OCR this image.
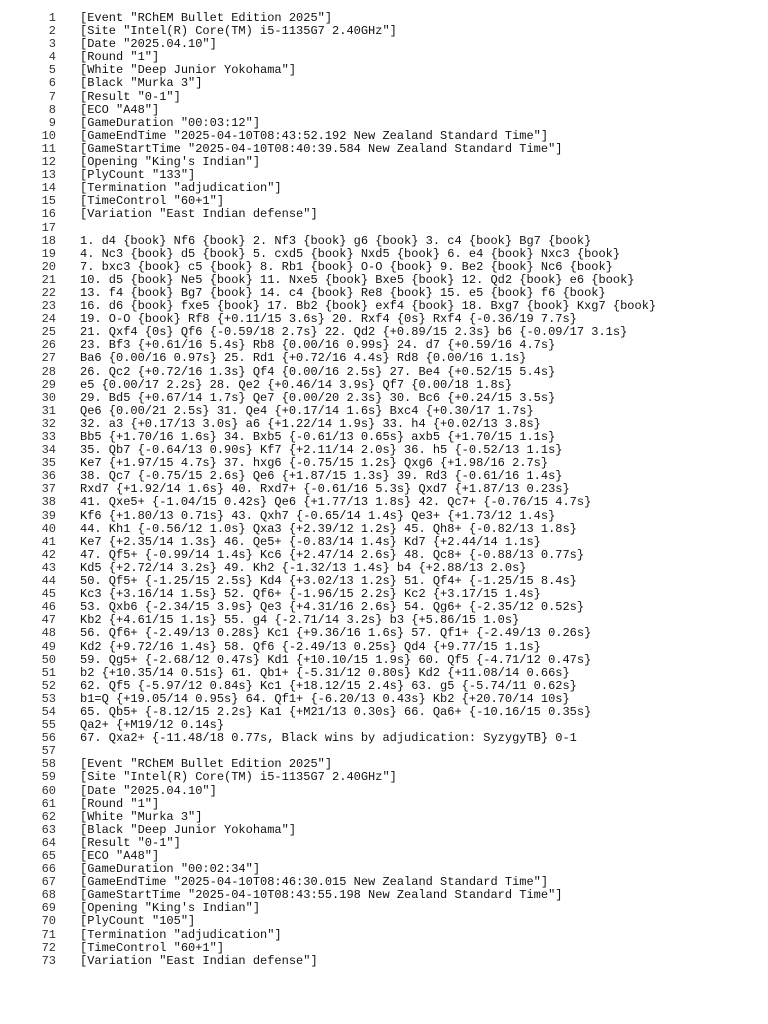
1 [Event "RChEM Bullet Edition 2025"]
2 [Site "Intel(R) Core(TM) i5-1135G7 2.40GHz"]
3 [Date "2025.04.10"]
4 [Round "1"]
5 [White "Deep Junior Yokohama"]
6 [Black "Murka 3"]
7 [Result "0-1"]
8 [ECO "A48"]
9 [GameDuration "00:03:12"]
10 [GameEndTime "2025-04-10T08:43:52.192 New Zealand Standard Time"]
11 [GameStartTime "2025-04-10T08:40:39.584 New Zealand Standard Time"]
12 [Opening "King's Indian"]
13 [PlyCount "133"]
14 [Termination "adjudication"]
15 [TimeControl "60+1"]
16 [Variation "East Indian defense"]
17
18 1. d4 {book} Nf6 {book} 2. Nf3 {book} g6 {book} 3. c4 {book} Bg7 {book}
19 4. Nc3 {book} d5 {book} 5. cxd5 {book} Nxd5 {book} 6. e4 {book} Nxc3 {book}
20 7. bxc3 {book} c5 {book} 8. Rb1 {book} O-O {book} 9. Be2 {book} Nc6 {book}
21 10. d5 {book} Ne5 {book} 11. Nxe5 {book} Bxe5 {book} 12. Qd2 {book} e6 {book}
22 13. f4 {book} Bg7 {book} 14. c4 {book} Re8 {book} 15. e5 {book} f6 {book}
23 16. d6 {book} fxe5 {book} 17. Bb2 {book} exf4 {book} 18. Bxg7 {book} Kxg7 {book}
24 19. O-O {book} Rf8 {+0.11/15 3.6s} 20. Rxf4 {0s} Rxf4 {-0.36/19 7.7s}
25 21. Qxf4 {0s} Qf6 {-0.59/18 2.7s} 22. Qd2 {+0.89/15 2.3s} b6 {-0.09/17 3.1s}
26 23. Bf3 {+0.61/16 5.4s} Rb8 {0.00/16 0.99s} 24. d7 {+0.59/16 4.7s}
27 Ba6 {0.00/16 0.97s} 25. Rd1 {+0.72/16 4.4s} Rd8 {0.00/16 1.1s}
28 26. Qc2 {+0.72/16 1.3s} Qf4 {0.00/16 2.5s} 27. Be4 {+0.52/15 5.4s}
29 e5 {0.00/17 2.2s} 28. Qe2 {+0.46/14 3.9s} Qf7 {0.00/18 1.8s}
30 29. Bd5 {+0.67/14 1.7s} Qe7 {0.00/20 2.3s} 30. Bc6 {+0.24/15 3.5s}
31 Qe6 {0.00/21 2.5s} 31. Qe4 {+0.17/14 1.6s} Bxc4 {+0.30/17 1.7s}
32 32. a3 {+0.17/13 3.0s} a6 {+1.22/14 1.9s} 33. h4 {+0.02/13 3.8s}
33 Bb5 {+1.70/16 1.6s} 34. Bxb5 {-0.61/13 0.65s} axb5 {+1.70/15 1.1s}
34 35. Qb7 {-0.64/13 0.90s} Kf7 {+2.11/14 2.0s} 36. h5 {-0.52/13 1.1s}
35 Ke7 {+1.97/15 4.7s} 37. hxg6 {-0.75/15 1.2s} Qxg6 {+1.98/16 2.7s}
36 38. Qc7 {-0.75/15 2.6s} Qe6 {+1.87/15 1.3s} 39. Rd3 {-0.61/16 1.4s}
37 Rxd7 {+1.92/14 1.6s} 40. Rxd7+ {-0.61/16 5.3s} Qxd7 {+1.87/13 0.23s}
38 41. Qxe5+ {-1.04/15 0.42s} Qe6 {+1.77/13 1.8s} 42. Qc7+ {-0.76/15 4.7s}
39 Kf6 {+1.80/13 0.71s} 43. Qxh7 {-0.65/14 1.4s} Qe3+ {+1.73/12 1.4s}
40 44. Kh1 {-0.56/12 1.0s} Qxa3 {+2.39/12 1.2s} 45. Qh8+ {-0.82/13 1.8s}
41 Ke7 {+2.35/14 1.3s} 46. Qe5+ {-0.83/14 1.4s} Kd7 {+2.44/14 1.1s}
42 47. Qf5+ {-0.99/14 1.4s} Kc6 {+2.47/14 2.6s} 48. Qc8+ {-0.88/13 0.77s}
43 Kd5 {+2.72/14 3.2s} 49. Kh2 {-1.32/13 1.4s} b4 {+2.88/13 2.0s}
44 50. Qf5+ {-1.25/15 2.5s} Kd4 {+3.02/13 1.2s} 51. Qf4+ {-1.25/15 8.4s}
45 Kc3 {+3.16/14 1.5s} 52. Qf6+ {-1.96/15 2.2s} Kc2 {+3.17/15 1.4s}
46 53. Qxb6 {-2.34/15 3.9s} Qe3 {+4.31/16 2.6s} 54. Qg6+ {-2.35/12 0.52s}
47 Kb2 {+4.61/15 1.1s} 55. g4 {-2.71/14 3.2s} b3 {+5.86/15 1.0s}
48 56. Qf6+ {-2.49/13 0.28s} Kc1 {+9.36/16 1.6s} 57. Qf1+ {-2.49/13 0.26s}
49 Kd2 {+9.72/16 1.4s} 58. Qf6 {-2.49/13 0.25s} Qd4 {+9.77/15 1.1s}
50 59. Qg5+ {-2.68/12 0.47s} Kd1 {+10.10/15 1.9s} 60. Qf5 {-4.71/12 0.47s}
51 b2 {+10.35/14 0.51s} 61. Qb1+ {-5.31/12 0.80s} Kd2 {+11.08/14 0.66s}
52 62. Qf5 {-5.97/12 0.84s} Kc1 {+18.12/15 2.4s} 63. g5 {-5.74/11 0.62s}
53 b1=Q {+19.05/14 0.95s} 64. Qf1+ {-6.20/13 0.43s} Kb2 {+20.70/14 10s}
54 65. Qb5+ {-8.12/15 2.2s} Ka1 {+M21/13 0.30s} 66. Qa6+ {-10.16/15 0.35s}
55 Qa2+ {+M19/12 0.14s}
56 67. Qxa2+ {-11.48/18 0.77s, Black wins by adjudication: SyzygyTB} 0-1
57
58 [Event "RChEM Bullet Edition 2025"]
59 [Site "Intel(R) Core(TM) i5-1135G7 2.40GHz"]
60 [Date "2025.04.10"]
61 [Round "1"]
62 [White "Murka 3"]
63 [Black "Deep Junior Yokohama"]
64 [Result "0-1"]
65 [ECO "A48"]
66 [GameDuration "00:02:34"]
67 [GameEndTime "2025-04-10T08:46:30.015 New Zealand Standard Time"]
68 [GameStartTime "2025-04-10T08:43:55.198 New Zealand Standard Time"]
69 [Opening "King's Indian"]
70 [PlyCount "105"]
71 [Termination "adjudication"]
72 [TimeControl "60+1"]
73 [Variation "East Indian defense"]
